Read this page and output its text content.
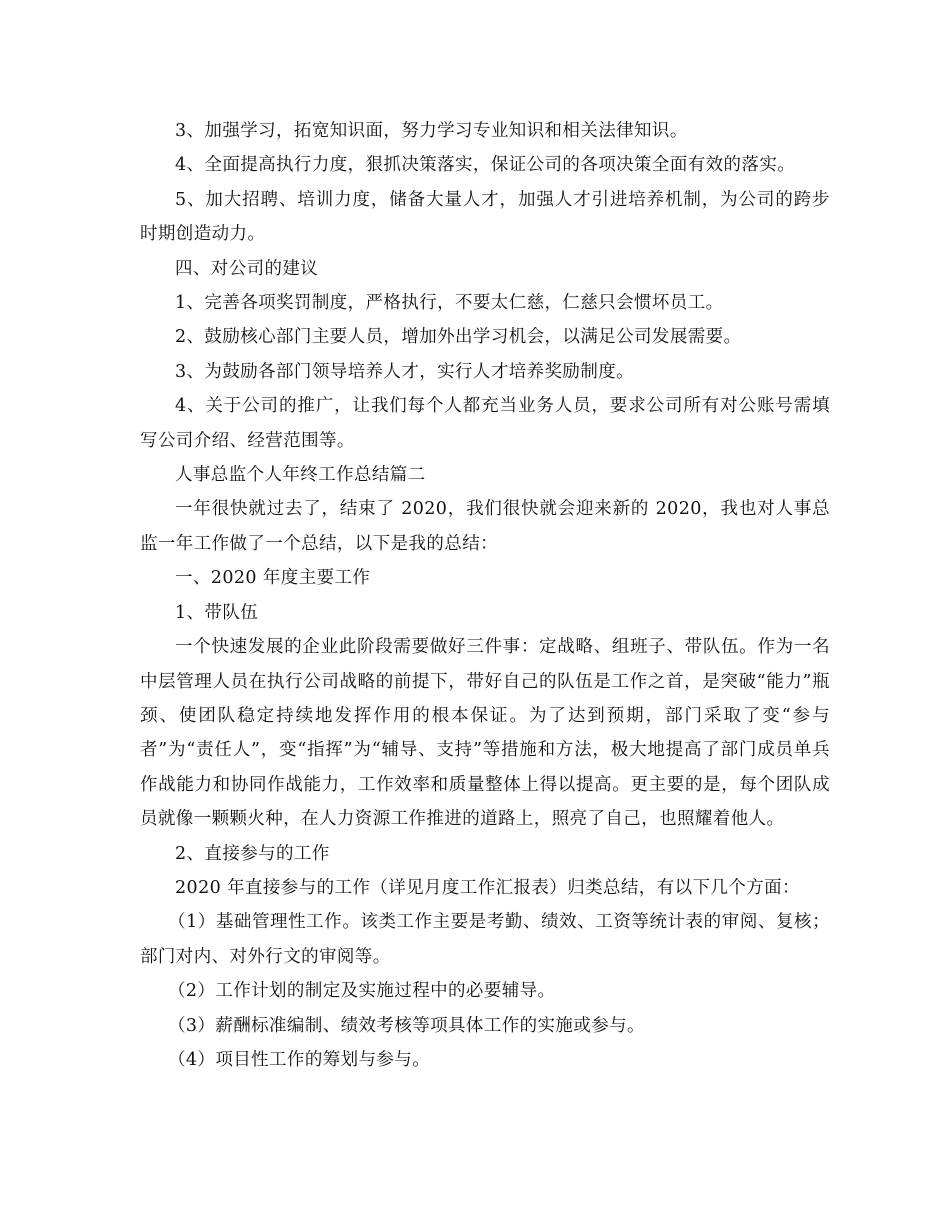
3、加强学习，拓宽知识面，努力学习专业知识和相关法律知识。

4、全面提高执行力度，狠抓决策落实，保证公司的各项决策全面有效的落实。

5、加大招聘、培训力度，储备大量人才，加强人才引进培养机制，为公司的跨步时期创造动力。

四、对公司的建议

1、完善各项奖罚制度，严格执行，不要太仁慈，仁慈只会惯坏员工。

2、鼓励核心部门主要人员，增加外出学习机会，以满足公司发展需要。

3、为鼓励各部门领导培养人才，实行人才培养奖励制度。

4、关于公司的推广，让我们每个人都充当业务人员，要求公司所有对公账号需填写公司介绍、经营范围等。

人事总监个人年终工作总结篇二

一年很快就过去了，结束了 2020，我们很快就会迎来新的 2020，我也对人事总监一年工作做了一个总结，以下是我的总结：

一、2020 年度主要工作

1、带队伍

一个快速发展的企业此阶段需要做好三件事：定战略、组班子、带队伍。作为一名中层管理人员在执行公司战略的前提下，带好自己的队伍是工作之首，是突破“能力”瓶颈、使团队稳定持续地发挥作用的根本保证。为了达到预期，部门采取了变“参与者”为“责任人”，变“指挥”为“辅导、支持”等措施和方法，极大地提高了部门成员单兵作战能力和协同作战能力，工作效率和质量整体上得以提高。更主要的是，每个团队成员就像一颗颗火种，在人力资源工作推进的道路上，照亮了自己，也照耀着他人。

2、直接参与的工作

2020 年直接参与的工作（详见月度工作汇报表）归类总结，有以下几个方面：

（1）基础管理性工作。该类工作主要是考勤、绩效、工资等统计表的审阅、复核；部门对内、对外行文的审阅等。

（2）工作计划的制定及实施过程中的必要辅导。

（3）薪酬标准编制、绩效考核等项具体工作的实施或参与。

（4）项目性工作的筹划与参与。
